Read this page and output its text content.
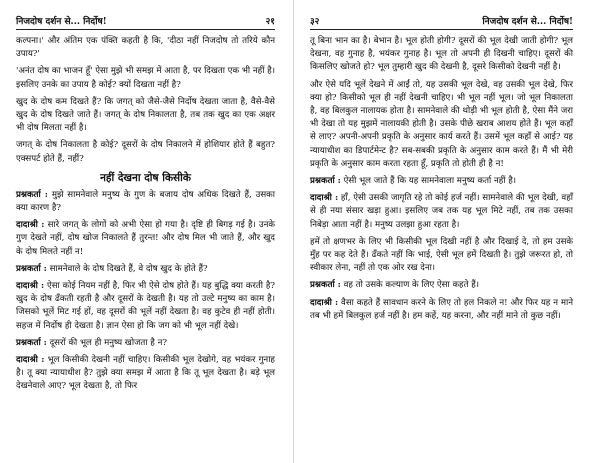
निजदोष दर्शन से... निर्दोष!	२१

कल्पना।' और अंतिम एक पंक्ति कहती है कि, 'दीठा नहीं निजदोष तो तरिये कौन उपाय?'

'अनंत दोष का भाजन हूँ' ऐसा मुझे भी समझ में आता है, पर दिखता एक भी नहीं है। इसलिए उनके का उपाय है कोई? क्यों दिखता नहीं है?

खुद के दोष कम दिखते हैं? कि जगत् को जैसे-जैसे निर्दोष देखता जाता है, वैसे-वैसे खुद के दोष दिखते जाते हैं। जगत् के दोष निकालता है, तब तक खुद का एक अक्षर भी दोष मिलता नहीं है।

जगत् के दोष निकालता है कोई? दूसरों के दोष निकालने में होशियार होते हैं बहुत? एक्सपर्ट होते हैं, नहीं?

नहीं देखना दोष किसीके

प्रश्नकर्ता : मुझे सामनेवाले मनुष्य के गुण के बजाय दोष अधिक दिखते हैं, उसका क्या कारण है?

दादाश्री : सारे जगत् के लोगों को अभी ऐसा हो गया है। दृष्टि ही बिगड़ गई है। उनके गुण देखते नहीं, दोष खोज निकालते हैं तुरन्त! और दोष मिल भी जाते हैं, और खुद के दोष मिलते नहीं न!

प्रश्नकर्ता : सामनेवाले के दोष दिखते हैं, वे दोष खुद के होते हैं?

दादाश्री : ऐसा कोई नियम नहीं है, फिर भी ऐसे दोष होते हैं। यह बुद्धि क्या करती है? खुद के दोष ढँकती रहती है और दूसरों के देखती है। यह तो उल्टे मनुष्य का काम है। जिसको भूलें मिट गई हों, वह दूसरों की भूलें नहीं देखता है। वह कुटेव ही नहीं होती। सहज में निर्दोष ही देखता है। ज्ञान ऐसा हो कि जग को भी भूल नहीं देखे।

प्रश्नकर्ता : दूसरों की भूल ही मनुष्य खोजता है न?

दादाश्री : भूल किसीकी देखनी नहीं चाहिए। किसीकी भूल देखोगे, वह भयंकर गुनाह है। तू क्या न्यायाधीश है? तुझे क्या समझ में आता है कि तू भूल देखता है। बड़े भूल देखनेवाले आए? भूल देखता है, तो फिर

३२	निजदोष दर्शन से... निर्दोष!

तू बिना भान का है। बेभान है। भूल होती होगी? दूसरों की भूल देखी जाती होगी? भूल देखना, वह गुनाह है, भयंकर गुनाह है। भूल तो अपनी ही दिखनी चाहिए। दूसरों की किसलिए खोजते हो? भूल तुम्हारी खुद की देखनी है, दूसरे किसीको देखनी नहीं है।

और ऐसे यदि भूलें देखने में आईं तो, यह उसकी भूल देखे, वह उसकी भूल देखे, फिर क्या हो? किसीको भूल ही नहीं देखनी चाहिए। भी भूल नहीं भूल। जो भूल निकालता है, वह बिलकुल नालायक होता है। सामनेवाले की थोड़ी भी भूल होती है, ऐसा मैंने जरा भी देखा तो यह मुझमें नालायकी होती है। उसके पीछे खराब आशय होते हैं। भूल कहाँ से लाए? अपनी-अपनी प्रकृति के अनुसार कार्य करते हैं। उसमें भूल कहाँ से आई? यह न्यायाधीश का डिपार्टमेन्ट है? सब-सबकी प्रकृति के अनुसार काम करते हैं। मैं भी मेरी प्रकृति के अनुसार काम करता रहता हूँ, प्रकृति तो होती ही है न!

प्रश्नकर्ता : ऐसी भूल जाते हैं कि यह सामनेवाला मनुष्य कर्ता नहीं है।

दादाश्री : हाँ, ऐसी उसकी जागृति रहे तो कोई हर्ज नहीं। सामनेवाले की भूल देखी, वहाँ से ही नया संसार खड़ा हुआ। इसलिए जब तक यह भूल मिटे नहीं, तब तक उसका निबेड़ा आता नहीं है। मनुष्य उलझा हुआ रहता है।

हमें तो क्षणभर के लिए भी किसीकी भूल दिखी नहीं है और दिखाई दे, तो हम उसके मुँह पर कह देते हैं। ढँकते नहीं कि भाई, ऐसी भूल हमें दिखती है। तुझे जरूरत हो, तो स्वीकार लेना, नहीं तो एक ओर रख देना।

प्रश्नकर्ता : वह तो उसके कल्याण के लिए ऐसा कहते हैं।

दादाश्री : वैसा कहते हैं सावधान करने के लिए तो हल निकले न! और फिर यह न माने तब भी हमें बिलकुल हर्ज नहीं है। हम कहें, यह करना, और नहीं माने तो कुछ नहीं।
